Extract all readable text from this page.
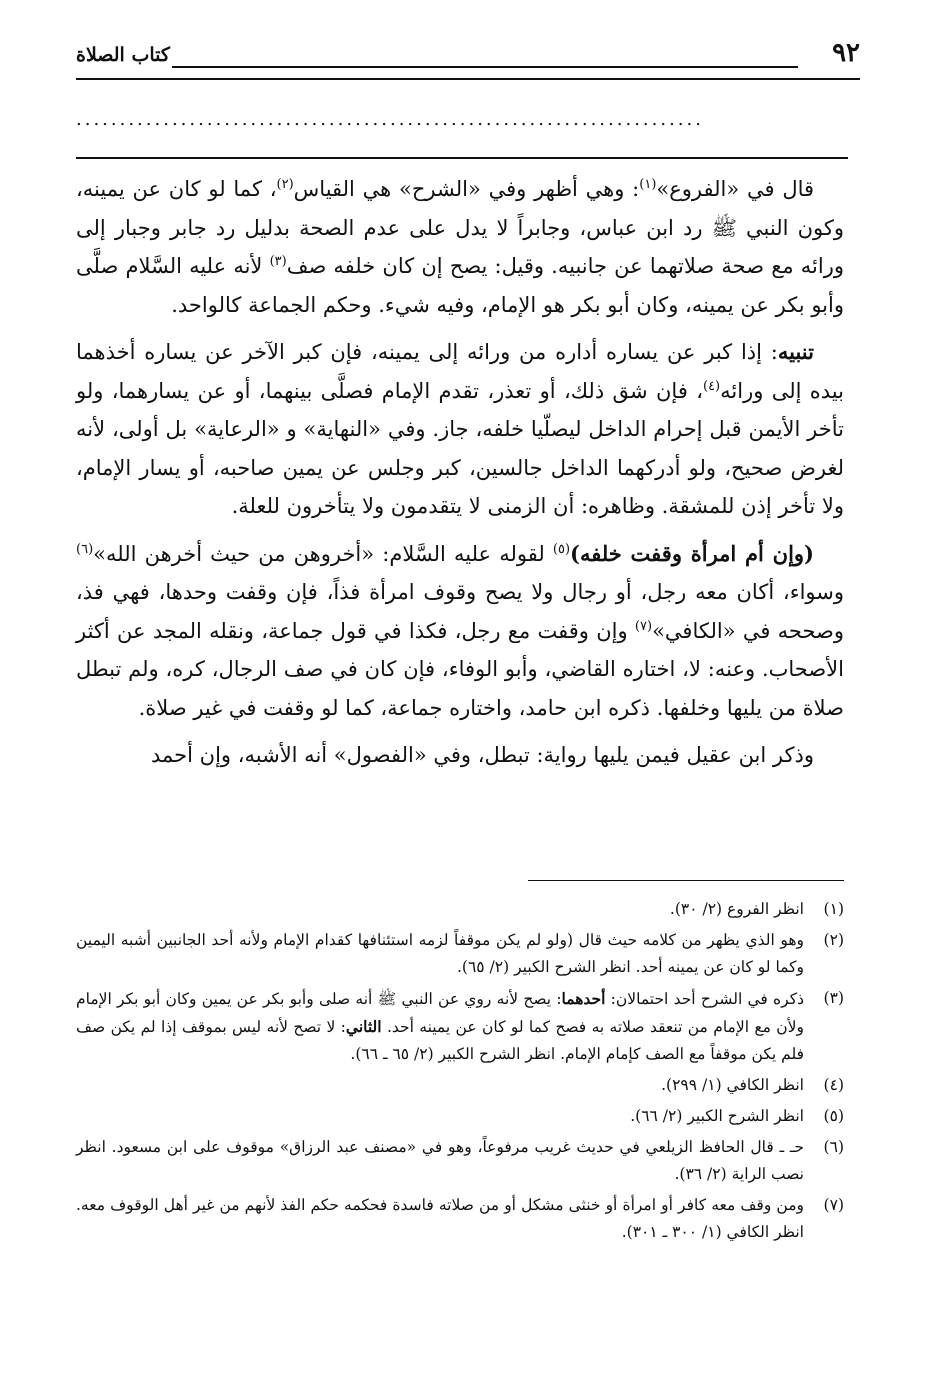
٩٢
كتاب الصلاة
........................................................................

قال في «الفروع»$^{(١)}$: وهي أظهر وفي «الشرح» هي القياس$^{(٢)}$، كما لو كان عن يمينه، وكون النبي ﷺ رد ابن عباس، وجابراً لا يدل على عدم الصحة بدليل رد جابر وجبار إلى ورائه مع صحة صلاتهما عن جانبيه. وقيل: يصح إن كان خلفه صف$^{(٣)}$ لأنه عليه السَّلام صلَّى وأبو بكر عن يمينه، وكان أبو بكر هو الإمام، وفيه شيء. وحكم الجماعة كالواحد.

تنبيه: إذا كبر عن يساره أداره من ورائه إلى يمينه، فإن كبر الآخر عن يساره أخذهما بيده إلى ورائه$^{(٤)}$، فإن شق ذلك، أو تعذر، تقدم الإمام فصلَّى بينهما، أو عن يسارهما، ولو تأخر الأيمن قبل إحرام الداخل ليصلّيا خلفه، جاز. وفي «النهاية» و «الرعاية» بل أولى، لأنه لغرض صحيح، ولو أدركهما الداخل جالسين، كبر وجلس عن يمين صاحبه، أو يسار الإمام، ولا تأخر إذن للمشقة. وظاهره: أن الزمنى لا يتقدمون ولا يتأخرون للعلة.

(وإن أم امرأة وقفت خلفه)$^{(٥)}$ لقوله عليه السَّلام: «أخروهن من حيث أخرهن الله»$^{(٦)}$ وسواء، أكان معه رجل، أو رجال ولا يصح وقوف امرأة فذاً، فإن وقفت وحدها، فهي فذ، وصححه في «الكافي»$^{(٧)}$ وإن وقفت مع رجل، فكذا في قول جماعة، ونقله المجد عن أكثر الأصحاب. وعنه: لا، اختاره القاضي، وأبو الوفاء، فإن كان في صف الرجال، كره، ولم تبطل صلاة من يليها وخلفها. ذكره ابن حامد، واختاره جماعة، كما لو وقفت في غير صلاة.

وذكر ابن عقيل فيمن يليها رواية: تبطل، وفي «الفصول» أنه الأشبه، وإن أحمد

(١)
انظر الفروع (٢/ ٣٠).
(٢)
وهو الذي يظهر من كلامه حيث قال (ولو لم يكن موقفاً لزمه استئنافها كقدام الإمام ولأنه أحد الجانبين أشبه اليمين وكما لو كان عن يمينه أحد. انظر الشرح الكبير (٢/ ٦٥).
(٣)
ذكره في الشرح أحد احتمالان: أحدهما: يصح لأنه روي عن النبي ﷺ أنه صلى وأبو بكر عن يمين وكان أبو بكر الإمام ولأن مع الإمام من تنعقد صلاته به فصح كما لو كان عن يمينه أحد. الثاني: لا تصح لأنه ليس بموقف إذا لم يكن صف فلم يكن موقفاً مع الصف كإمام الإمام. انظر الشرح الكبير (٢/ ٦٥ ـ ٦٦).
(٤)
انظر الكافي (١/ ٢٩٩).
(٥)
انظر الشرح الكبير (٢/ ٦٦).
(٦)
حـ ـ قال الحافظ الزيلعي في حديث غريب مرفوعاً، وهو في «مصنف عبد الرزاق» موقوف على ابن مسعود. انظر نصب الراية (٢/ ٣٦).
(٧)
ومن وقف معه كافر أو امرأة أو خنثى مشكل أو من صلاته فاسدة فحكمه حكم الفذ لأنهم من غير أهل الوقوف معه. انظر الكافي (١/ ٣٠٠ ـ ٣٠١).
